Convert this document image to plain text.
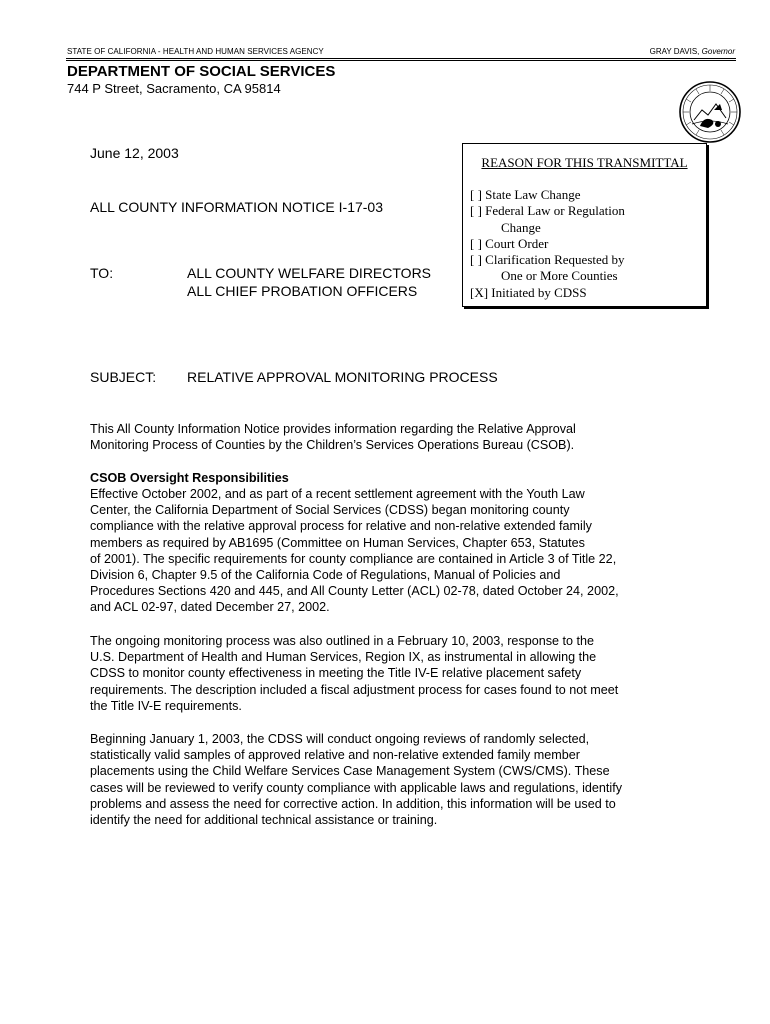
STATE OF CALIFORNIA - HEALTH AND HUMAN SERVICES AGENCY	GRAY DAVIS, Governor
DEPARTMENT OF SOCIAL SERVICES
744 P Street, Sacramento, CA 95814
June 12, 2003
ALL COUNTY INFORMATION NOTICE I-17-03
TO:	ALL COUNTY WELFARE DIRECTORS
ALL CHIEF PROBATION OFFICERS
REASON FOR THIS TRANSMITTAL
[ ] State Law Change
[ ] Federal Law or Regulation
Change
[ ] Court Order
[ ] Clarification Requested by
One or More Counties
[X] Initiated by CDSS
SUBJECT: RELATIVE APPROVAL MONITORING PROCESS
This All County Information Notice provides information regarding the Relative Approval
Monitoring Process of Counties by the Children’s Services Operations Bureau (CSOB).
CSOB Oversight Responsibilities
Effective October 2002, and as part of a recent settlement agreement with the Youth Law
Center, the California Department of Social Services (CDSS) began monitoring county
compliance with the relative approval process for relative and non-relative extended family
members as required by AB1695 (Committee on Human Services, Chapter 653, Statutes
of 2001). The specific requirements for county compliance are contained in Article 3 of Title 22,
Division 6, Chapter 9.5 of the California Code of Regulations, Manual of Policies and
Procedures Sections 420 and 445, and All County Letter (ACL) 02-78, dated October 24, 2002,
and ACL 02-97, dated December 27, 2002.
The ongoing monitoring process was also outlined in a February 10, 2003, response to the
U.S. Department of Health and Human Services, Region IX, as instrumental in allowing the
CDSS to monitor county effectiveness in meeting the Title IV-E relative placement safety
requirements. The description included a fiscal adjustment process for cases found to not meet
the Title IV-E requirements.
Beginning January 1, 2003, the CDSS will conduct ongoing reviews of randomly selected,
statistically valid samples of approved relative and non-relative extended family member
placements using the Child Welfare Services Case Management System (CWS/CMS). These
cases will be reviewed to verify county compliance with applicable laws and regulations, identify
problems and assess the need for corrective action. In addition, this information will be used to
identify the need for additional technical assistance or training.
